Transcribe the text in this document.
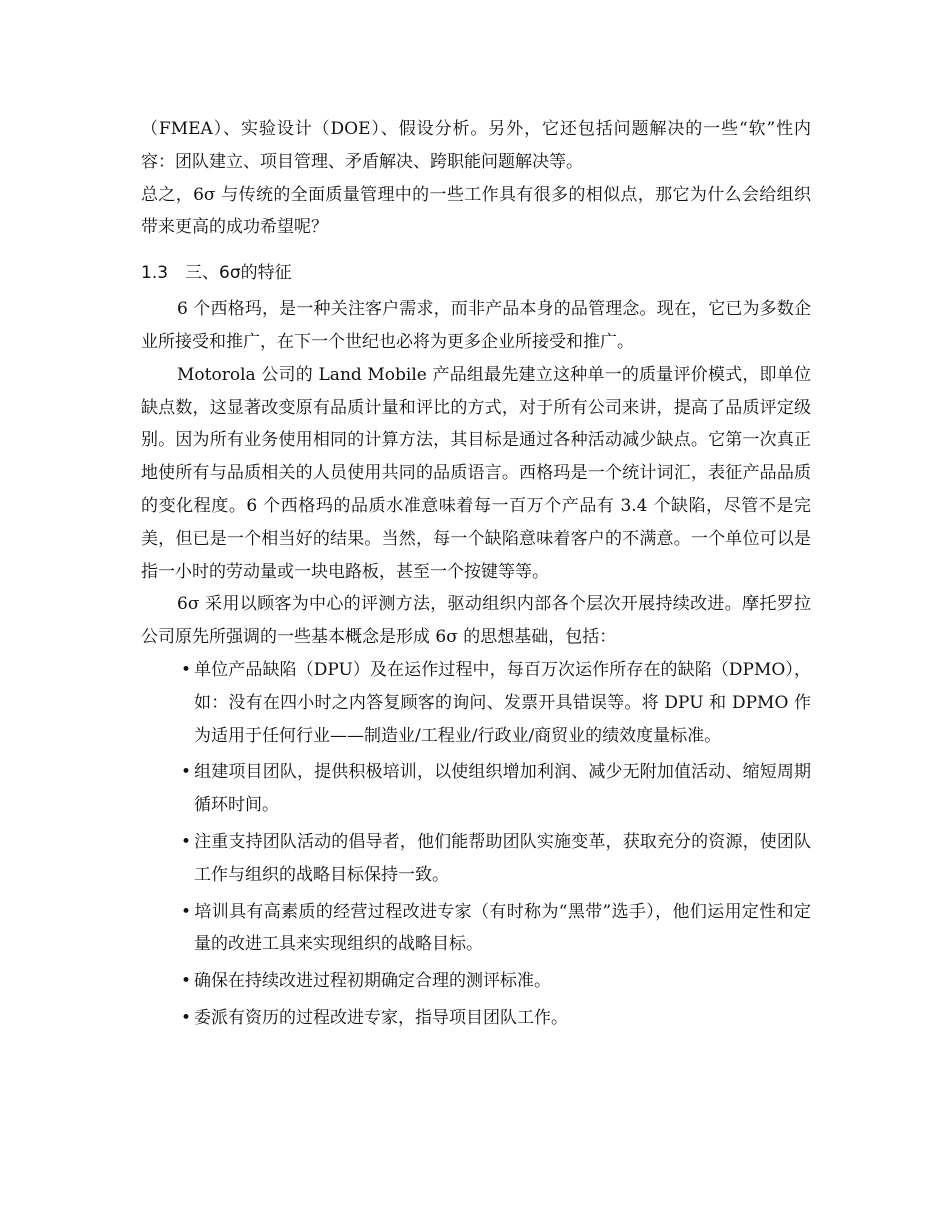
（FMEA）、实验设计（DOE）、假设分析。另外，它还包括问题解决的一些“软”性内容：团队建立、项目管理、矛盾解决、跨职能问题解决等。

总之，6σ 与传统的全面质量管理中的一些工作具有很多的相似点，那它为什么会给组织带来更高的成功希望呢？

1.3 三、6σ的特征

6 个西格玛，是一种关注客户需求，而非产品本身的品管理念。现在，它已为多数企业所接受和推广，在下一个世纪也必将为更多企业所接受和推广。

Motorola 公司的 Land Mobile 产品组最先建立这种单一的质量评价模式，即单位缺点数，这显著改变原有品质计量和评比的方式，对于所有公司来讲，提高了品质评定级别。因为所有业务使用相同的计算方法，其目标是通过各种活动减少缺点。它第一次真正地使所有与品质相关的人员使用共同的品质语言。西格玛是一个统计词汇，表征产品品质的变化程度。6 个西格玛的品质水准意味着每一百万个产品有 3.4 个缺陷，尽管不是完美，但已是一个相当好的结果。当然，每一个缺陷意味着客户的不满意。一个单位可以是指一小时的劳动量或一块电路板，甚至一个按键等等。

6σ 采用以顾客为中心的评测方法，驱动组织内部各个层次开展持续改进。摩托罗拉公司原先所强调的一些基本概念是形成 6σ 的思想基础，包括：

• 单位产品缺陷（DPU）及在运作过程中，每百万次运作所存在的缺陷（DPMO），如：没有在四小时之内答复顾客的询问、发票开具错误等。将 DPU 和 DPMO 作为适用于任何行业——制造业/工程业/行政业/商贸业的绩效度量标准。
• 组建项目团队，提供积极培训，以使组织增加利润、减少无附加值活动、缩短周期循环时间。
• 注重支持团队活动的倡导者，他们能帮助团队实施变革，获取充分的资源，使团队工作与组织的战略目标保持一致。
• 培训具有高素质的经营过程改进专家（有时称为“黑带”选手），他们运用定性和定量的改进工具来实现组织的战略目标。
• 确保在持续改进过程初期确定合理的测评标准。
• 委派有资历的过程改进专家，指导项目团队工作。
